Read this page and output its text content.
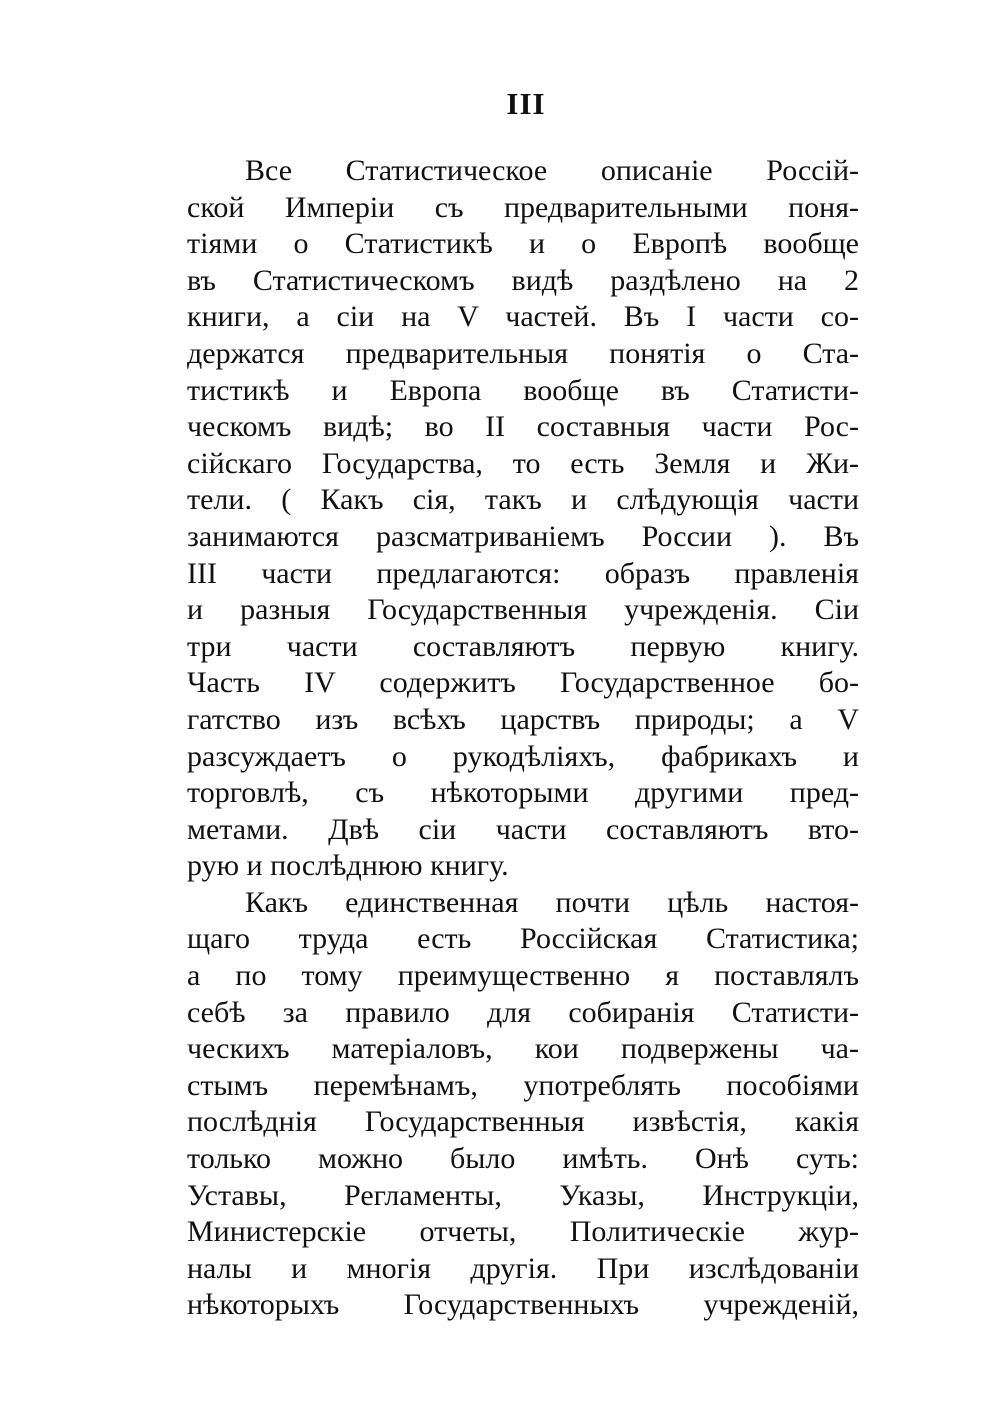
III
Все Статистическое описаніе Россій-
ской Имперіи съ предварительными поня-
тіями о Статистикѣ и о Европѣ вообще
въ Статистическомъ видѣ раздѣлено на 2
книги, а сіи на V частей. Въ I части со-
держатся предварительныя понятія о Ста-
тистикѣ и Европа вообще въ Статисти-
ческомъ видѣ; во II составныя части Рос-
сійскаго Государства, то есть Земля и Жи-
тели. ( Какъ сія, такъ и слѣдующія части
занимаются разсматриваніемъ России ). Въ
III части предлагаются: образъ правленія
и разныя Государственныя учрежденія. Сіи
три части составляютъ первую книгу.
Часть IV содержитъ Государственное бо-
гатство изъ всѣхъ царствъ природы; а V
разсуждаетъ о рукодѣліяхъ, фабрикахъ и
торговлѣ, съ нѣкоторыми другими пред-
метами. Двѣ сіи части составляютъ вто-
рую и послѣднюю книгу.
Какъ единственная почти цѣль настоя-
щаго труда есть Россійская Статистика;
а по тому преимущественно я поставлялъ
себѣ за правило для собиранія Статисти-
ческихъ матеріаловъ, кои подвержены ча-
стымъ перемѣнамъ, употреблять пособіями
послѣднія Государственныя извѣстія, какія
только можно было имѣть. Онѣ суть:
Уставы, Регламенты, Указы, Инструкціи,
Министерскіе отчеты, Политическіе жур-
налы и многія другія. При изслѣдованіи
нѣкоторыхъ Государственныхъ учрежденій,
